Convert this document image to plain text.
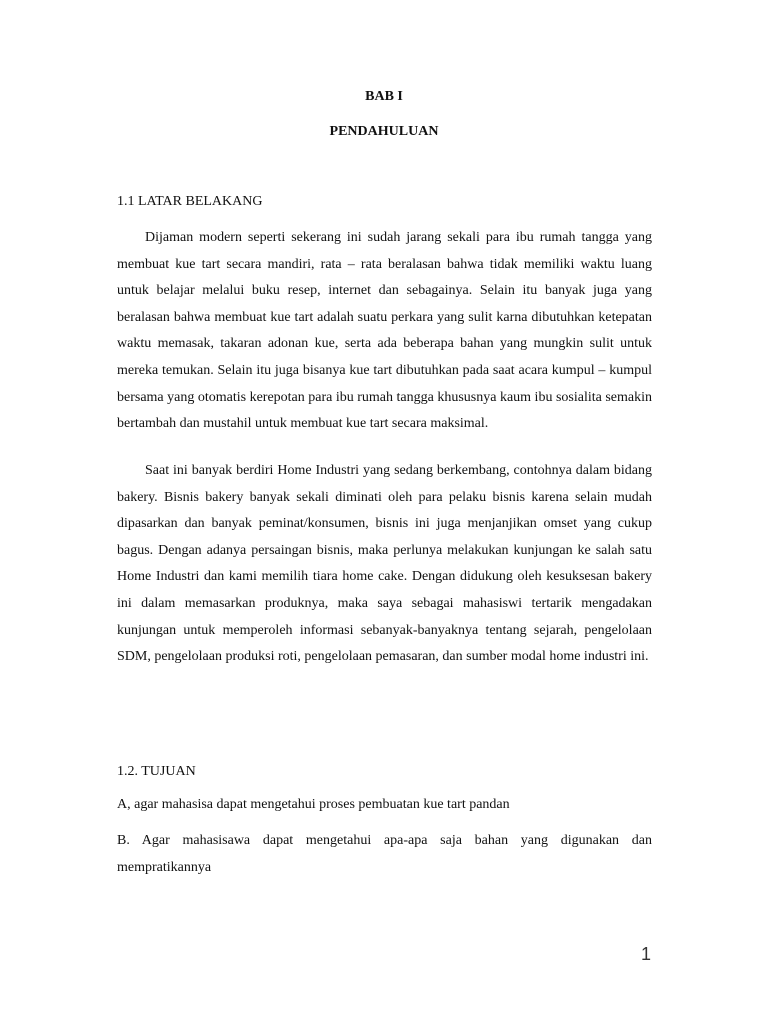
BAB I
PENDAHULUAN
1.1 LATAR BELAKANG

Dijaman modern seperti sekerang ini sudah jarang sekali para ibu rumah tangga yang membuat kue tart secara mandiri, rata – rata beralasan bahwa tidak memiliki waktu luang untuk belajar melalui buku resep, internet dan sebagainya. Selain itu banyak juga yang beralasan bahwa membuat kue tart adalah suatu perkara yang sulit karna dibutuhkan ketepatan waktu memasak, takaran adonan kue, serta ada beberapa bahan yang mungkin sulit untuk mereka temukan. Selain itu juga bisanya kue tart dibutuhkan pada saat acara kumpul – kumpul bersama yang otomatis kerepotan para ibu rumah tangga khususnya kaum ibu sosialita semakin bertambah dan mustahil untuk membuat kue tart secara maksimal.

Saat ini banyak berdiri Home Industri yang sedang berkembang, contohnya dalam bidang bakery. Bisnis bakery banyak sekali diminati oleh para pelaku bisnis karena selain mudah dipasarkan dan banyak peminat/konsumen, bisnis ini juga menjanjikan omset yang cukup bagus. Dengan adanya persaingan bisnis, maka perlunya melakukan kunjungan ke salah satu Home Industri dan kami memilih tiara home cake. Dengan didukung oleh kesuksesan bakery ini dalam memasarkan produknya, maka saya sebagai mahasiswi tertarik mengadakan kunjungan untuk memperoleh informasi sebanyak-banyaknya tentang sejarah, pengelolaan SDM, pengelolaan produksi roti, pengelolaan pemasaran, dan sumber modal home industri ini.

1.2. TUJUAN

A, agar mahasisa dapat mengetahui proses pembuatan kue tart pandan

B. Agar mahasisawa dapat mengetahui apa-apa saja bahan yang digunakan dan mempratikannya

1
